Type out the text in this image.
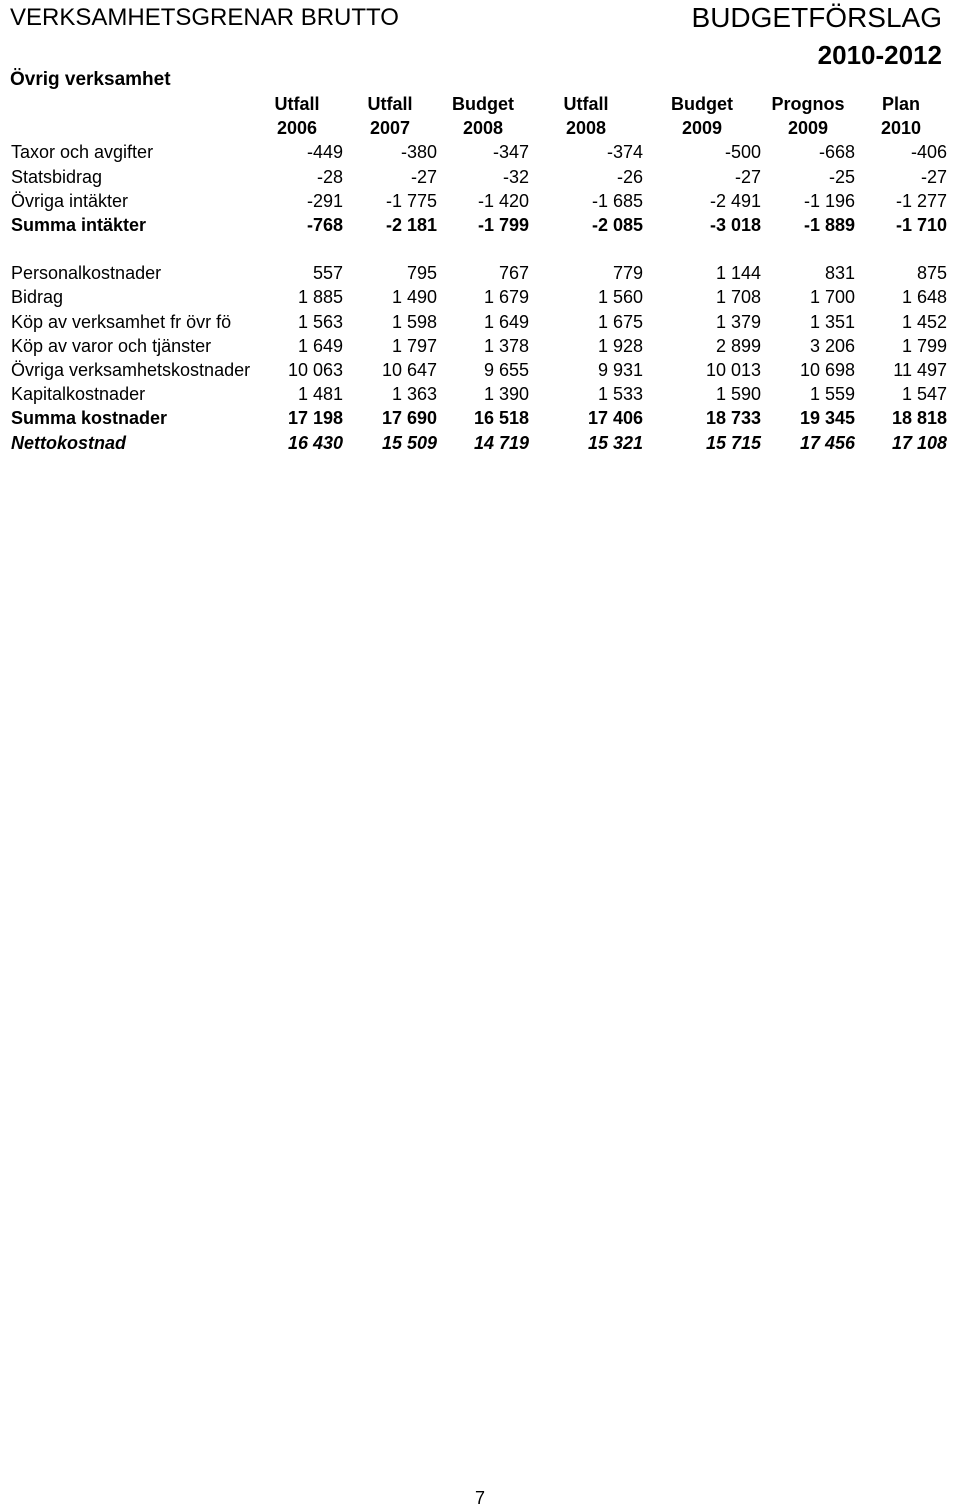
VERKSAMHETSGRENAR BRUTTO	BUDGETFÖRSLAG
2010-2012
Övrig verksamhet
	Utfall	Utfall	Budget	Utfall	Budget	Prognos	Plan
	2006	2007	2008	2008	2009	2009	2010
Taxor och avgifter	-449	-380	-347	-374	-500	-668	-406
Statsbidrag	-28	-27	-32	-26	-27	-25	-27
Övriga intäkter	-291	-1 775	-1 420	-1 685	-2 491	-1 196	-1 277
Summa intäkter	-768	-2 181	-1 799	-2 085	-3 018	-1 889	-1 710

Personalkostnader	557	795	767	779	1 144	831	875
Bidrag	1 885	1 490	1 679	1 560	1 708	1 700	1 648
Köp av verksamhet fr övr fö	1 563	1 598	1 649	1 675	1 379	1 351	1 452
Köp av varor och tjänster	1 649	1 797	1 378	1 928	2 899	3 206	1 799
Övriga verksamhetskostnader	10 063	10 647	9 655	9 931	10 013	10 698	11 497
Kapitalkostnader	1 481	1 363	1 390	1 533	1 590	1 559	1 547
Summa kostnader	17 198	17 690	16 518	17 406	18 733	19 345	18 818
Nettokostnad	16 430	15 509	14 719	15 321	15 715	17 456	17 108
7
